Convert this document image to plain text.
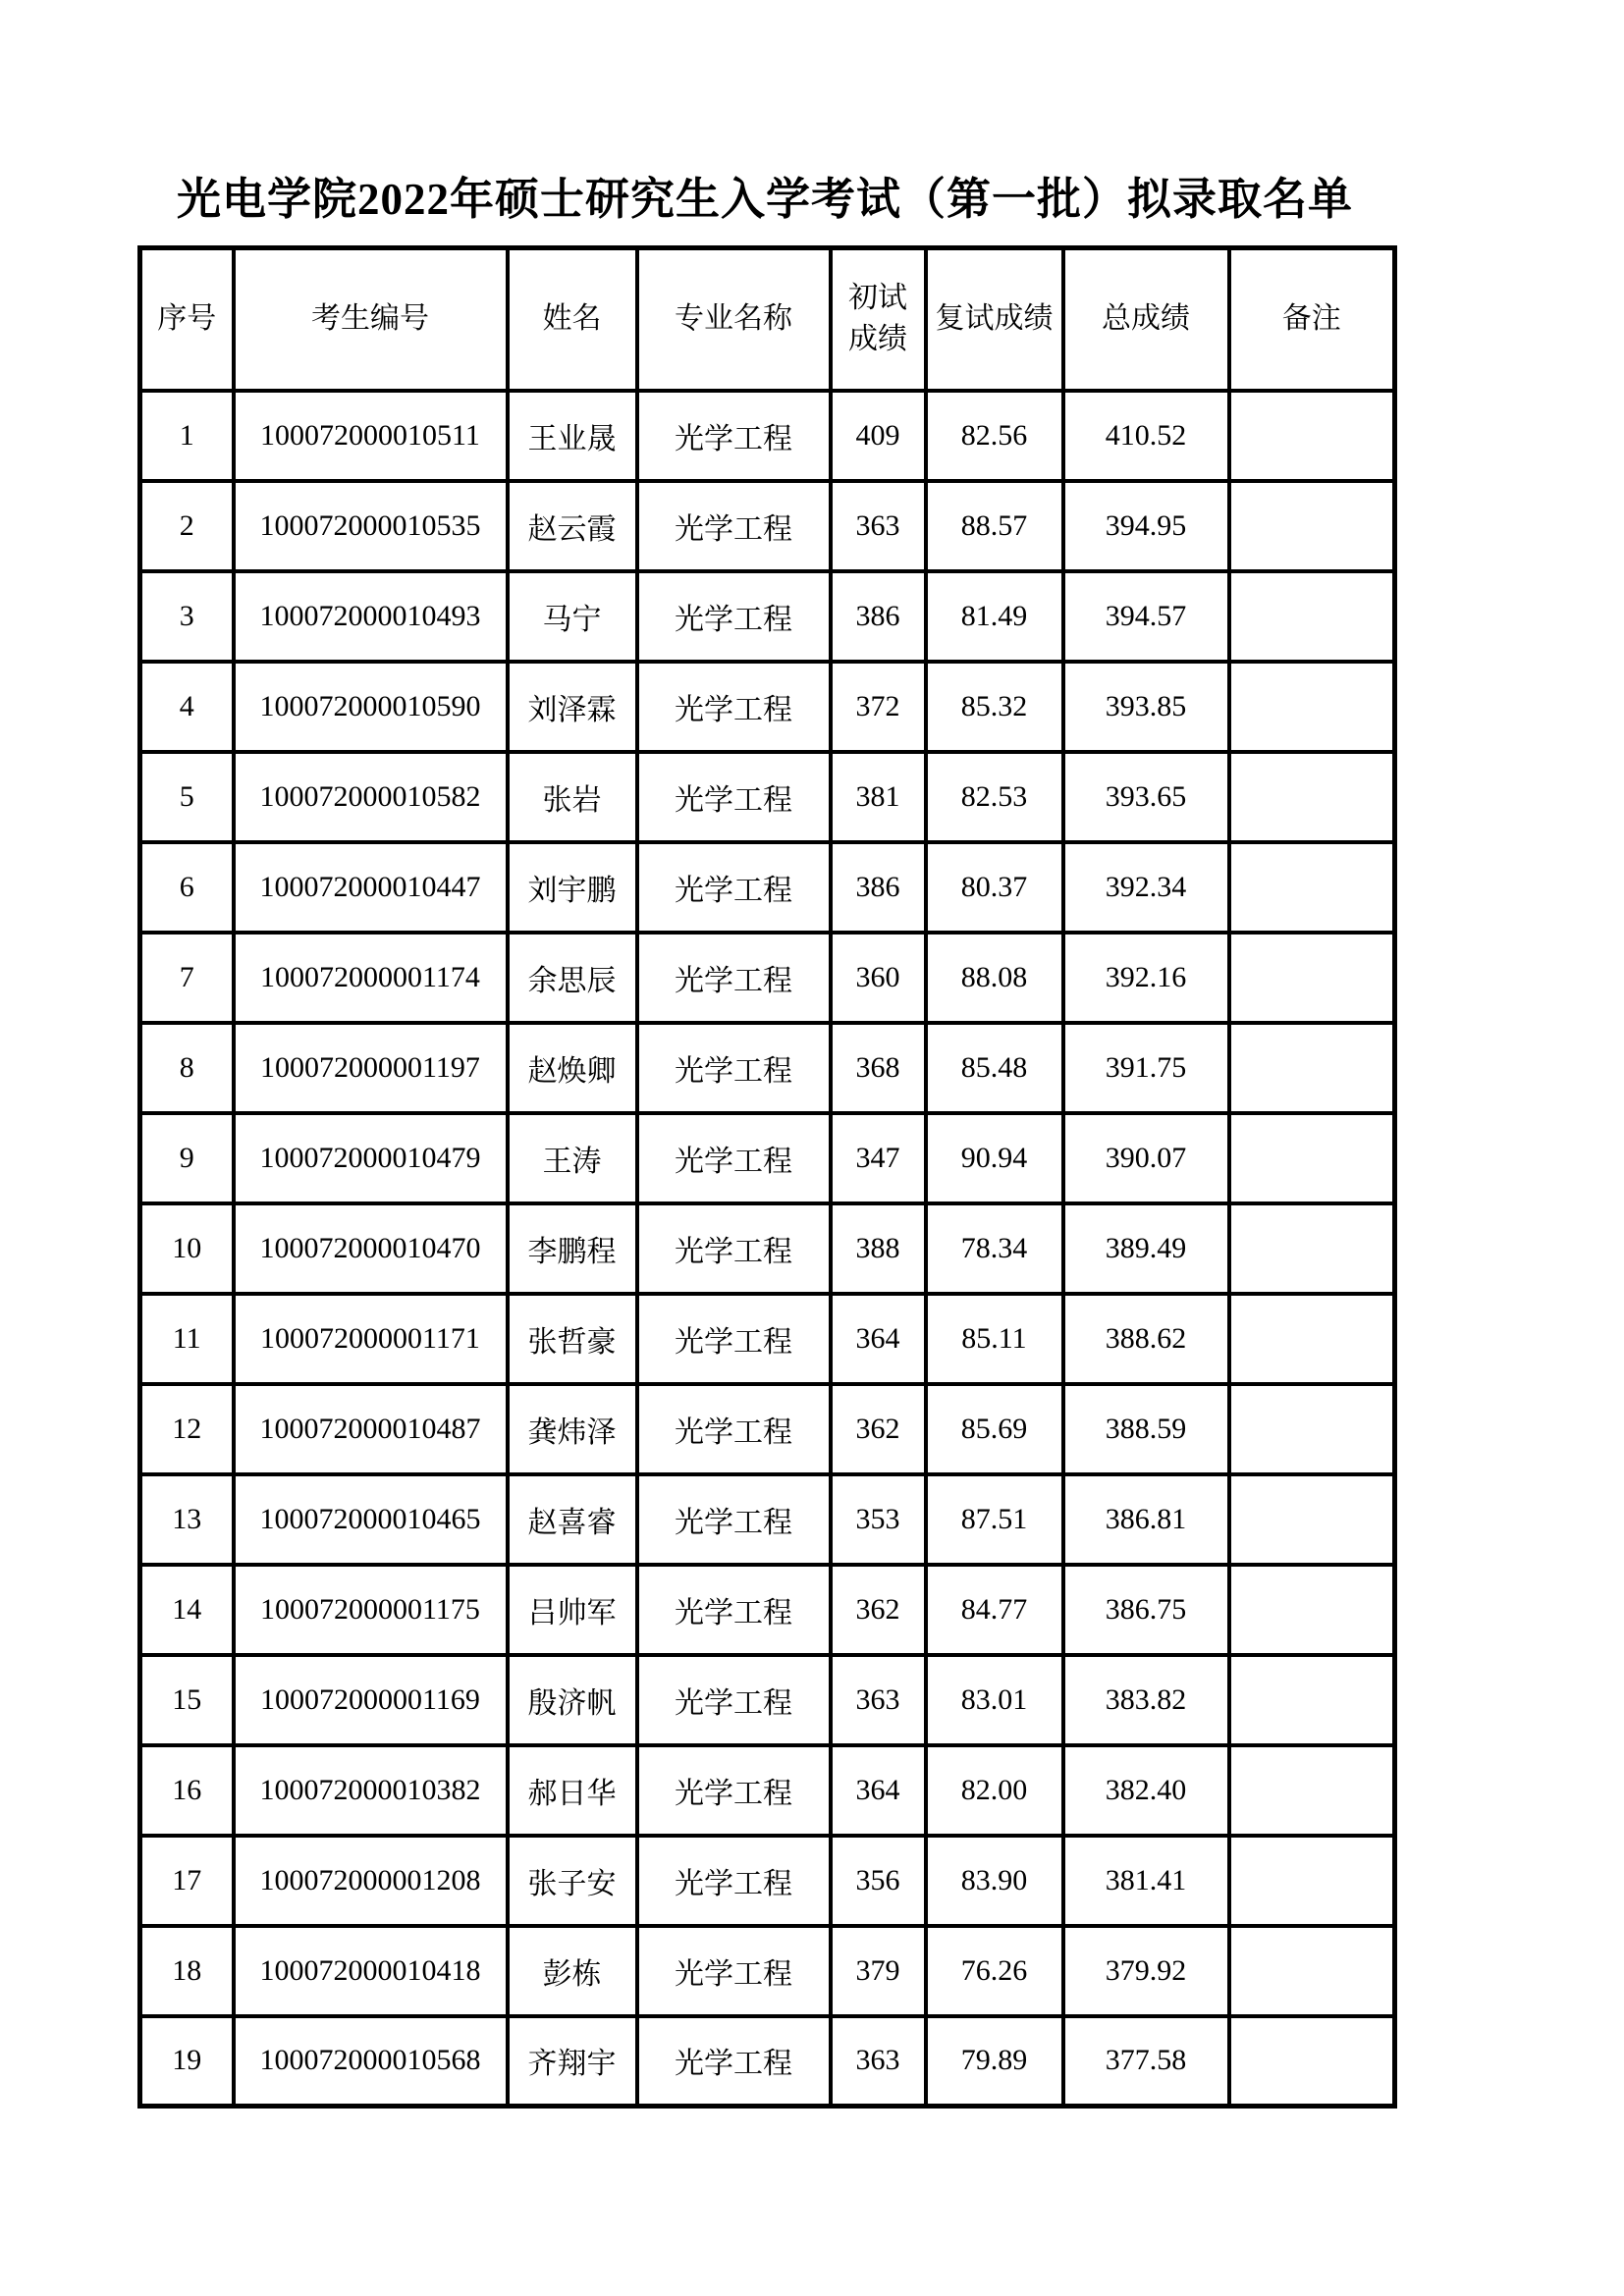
光电学院2022年硕士研究生入学考试（第一批）拟录取名单
序号	考生编号	姓名	专业名称	初试成绩	复试成绩	总成绩	备注
1	100072000010511	王业晟	光学工程	409	82.56	410.52	
2	100072000010535	赵云霞	光学工程	363	88.57	394.95	
3	100072000010493	马宁	光学工程	386	81.49	394.57	
4	100072000010590	刘泽霖	光学工程	372	85.32	393.85	
5	100072000010582	张岩	光学工程	381	82.53	393.65	
6	100072000010447	刘宇鹏	光学工程	386	80.37	392.34	
7	100072000001174	余思辰	光学工程	360	88.08	392.16	
8	100072000001197	赵焕卿	光学工程	368	85.48	391.75	
9	100072000010479	王涛	光学工程	347	90.94	390.07	
10	100072000010470	李鹏程	光学工程	388	78.34	389.49	
11	100072000001171	张哲豪	光学工程	364	85.11	388.62	
12	100072000010487	龚炜泽	光学工程	362	85.69	388.59	
13	100072000010465	赵喜睿	光学工程	353	87.51	386.81	
14	100072000001175	吕帅军	光学工程	362	84.77	386.75	
15	100072000001169	殷济帆	光学工程	363	83.01	383.82	
16	100072000010382	郝日华	光学工程	364	82.00	382.40	
17	100072000001208	张子安	光学工程	356	83.90	381.41	
18	100072000010418	彭栋	光学工程	379	76.26	379.92	
19	100072000010568	齐翔宇	光学工程	363	79.89	377.58	
